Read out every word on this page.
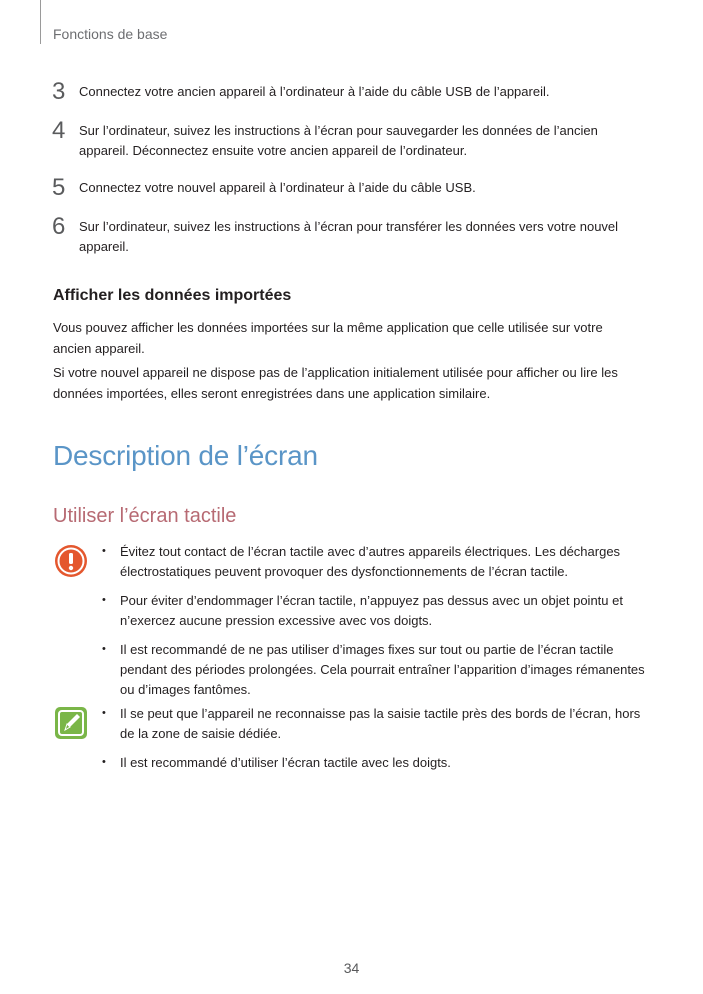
Fonctions de base
3	Connectez votre ancien appareil à l’ordinateur à l’aide du câble USB de l’appareil.
4	Sur l’ordinateur, suivez les instructions à l’écran pour sauvegarder les données de l’ancien appareil. Déconnectez ensuite votre ancien appareil de l’ordinateur.
5	Connectez votre nouvel appareil à l’ordinateur à l’aide du câble USB.
6	Sur l’ordinateur, suivez les instructions à l’écran pour transférer les données vers votre nouvel appareil.
Afficher les données importées

Vous pouvez afficher les données importées sur la même application que celle utilisée sur votre ancien appareil.

Si votre nouvel appareil ne dispose pas de l’application initialement utilisée pour afficher ou lire les données importées, elles seront enregistrées dans une application similaire.

Description de l’écran
Utiliser l’écran tactile
• Évitez tout contact de l’écran tactile avec d’autres appareils électriques. Les décharges électrostatiques peuvent provoquer des dysfonctionnements de l’écran tactile.
• Pour éviter d’endommager l’écran tactile, n’appuyez pas dessus avec un objet pointu et n’exercez aucune pression excessive avec vos doigts.
• Il est recommandé de ne pas utiliser d’images fixes sur tout ou partie de l’écran tactile pendant des périodes prolongées. Cela pourrait entraîner l’apparition d’images rémanentes ou d’images fantômes.
• Il se peut que l’appareil ne reconnaisse pas la saisie tactile près des bords de l’écran, hors de la zone de saisie dédiée.
• Il est recommandé d’utiliser l’écran tactile avec les doigts.
34
